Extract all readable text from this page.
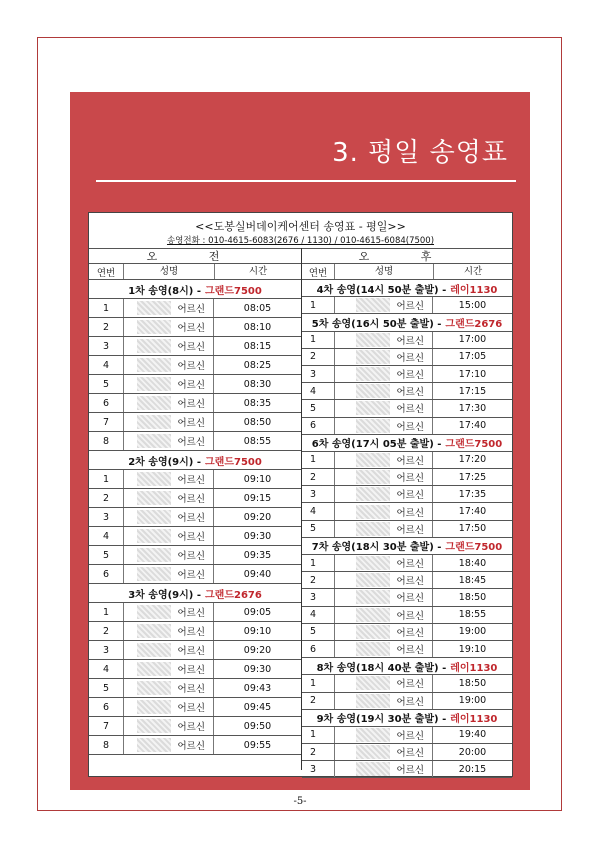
3. 평일 송영표
<<도봉실버데이케어센터 송영표 - 평일>>
송영전화 : 010-4615-6083(2676 / 1130) / 010-4615-6084(7500)
오 전
연번	성명	시간
1차 송영(8시) - 그랜드7500
1	어르신	08:05
2	어르신	08:10
3	어르신	08:15
4	어르신	08:25
5	어르신	08:30
6	어르신	08:35
7	어르신	08:50
8	어르신	08:55
2차 송영(9시) - 그랜드7500
1	어르신	09:10
2	어르신	09:15
3	어르신	09:20
4	어르신	09:30
5	어르신	09:35
6	어르신	09:40
3차 송영(9시) - 그랜드2676
1	어르신	09:05
2	어르신	09:10
3	어르신	09:20
4	어르신	09:30
5	어르신	09:43
6	어르신	09:45
7	어르신	09:50
8	어르신	09:55
오 후
연번	성명	시간
4차 송영(14시 50분 출발) - 레이1130
1	어르신	15:00
5차 송영(16시 50분 출발) - 그랜드2676
1	어르신	17:00
2	어르신	17:05
3	어르신	17:10
4	어르신	17:15
5	어르신	17:30
6	어르신	17:40
6차 송영(17시 05분 출발) - 그랜드7500
1	어르신	17:20
2	어르신	17:25
3	어르신	17:35
4	어르신	17:40
5	어르신	17:50
7차 송영(18시 30분 출발) - 그랜드7500
1	어르신	18:40
2	어르신	18:45
3	어르신	18:50
4	어르신	18:55
5	어르신	19:00
6	어르신	19:10
8차 송영(18시 40분 출발) - 레이1130
1	어르신	18:50
2	어르신	19:00
9차 송영(19시 30분 출발) - 레이1130
1	어르신	19:40
2	어르신	20:00
3	어르신	20:15
-5-
